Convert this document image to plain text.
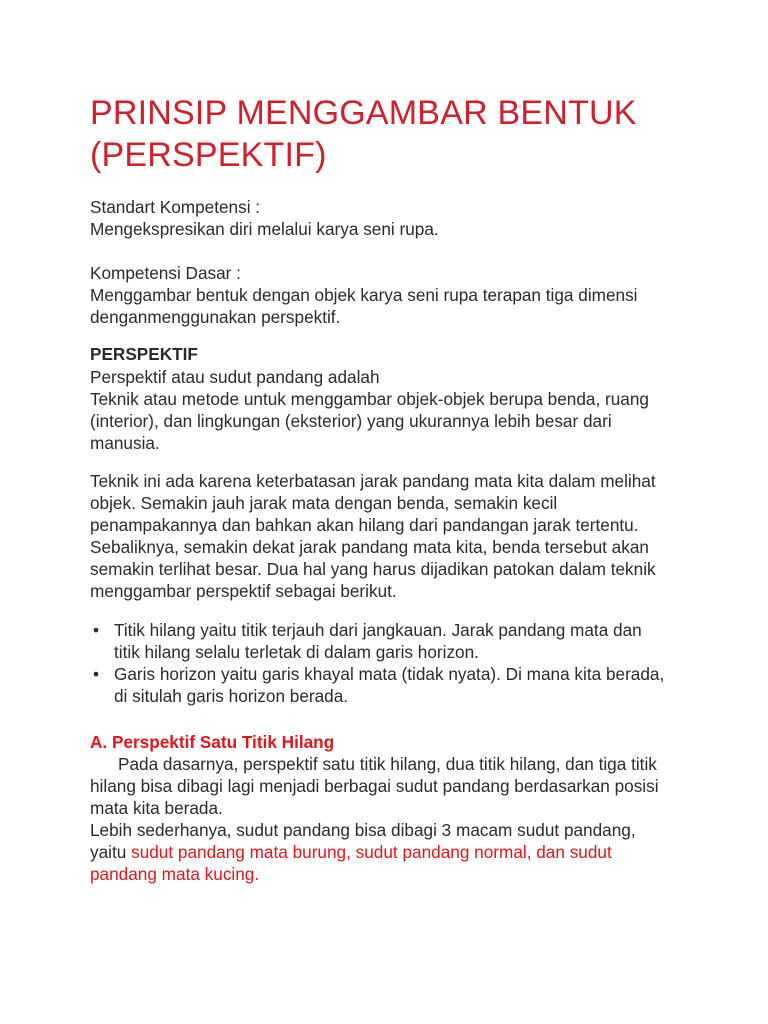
PRINSIP MENGGAMBAR BENTUK
(PERSPEKTIF)

Standart Kompetensi :

Mengekspresikan diri melalui karya seni rupa.

Kompetensi Dasar :

Menggambar bentuk dengan objek karya seni rupa terapan tiga dimensi

denganmenggunakan perspektif.

PERSPEKTIF

Perspektif atau sudut pandang adalah

Teknik atau metode untuk menggambar objek-objek berupa benda, ruang

(interior), dan lingkungan (eksterior) yang ukurannya lebih besar dari

manusia.

Teknik ini ada karena keterbatasan jarak pandang mata kita dalam melihat

objek. Semakin jauh jarak mata dengan benda, semakin kecil

penampakannya dan bahkan akan hilang dari pandangan jarak tertentu.

Sebaliknya, semakin dekat jarak pandang mata kita, benda tersebut akan

semakin terlihat besar. Dua hal yang harus dijadikan patokan dalam teknik

menggambar perspektif sebagai berikut.

• Titik hilang yaitu titik terjauh dari jangkauan. Jarak pandang mata dan
titik hilang selalu terletak di dalam garis horizon.
• Garis horizon yaitu garis khayal mata (tidak nyata). Di mana kita berada,
di situlah garis horizon berada.

A. Perspektif Satu Titik Hilang

Pada dasarnya, perspektif satu titik hilang, dua titik hilang, dan tiga titik

hilang bisa dibagi lagi menjadi berbagai sudut pandang berdasarkan posisi

mata kita berada.

Lebih sederhanya, sudut pandang bisa dibagi 3 macam sudut pandang,

yaitu sudut pandang mata burung, sudut pandang normal, dan sudut

pandang mata kucing.
